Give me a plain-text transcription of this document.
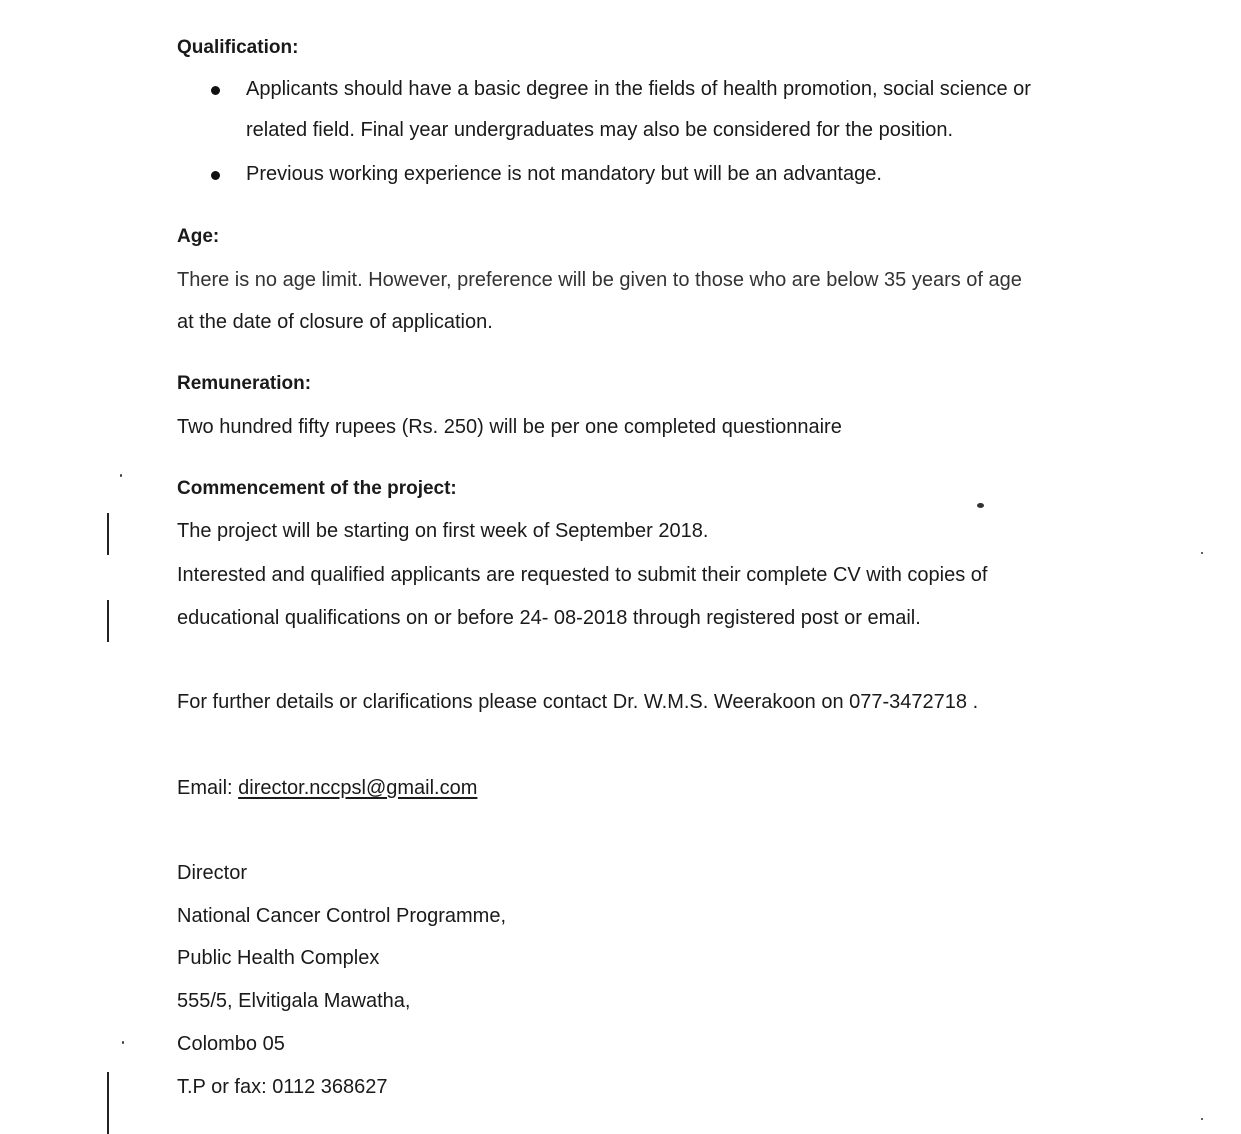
Qualification:
Applicants should have a basic degree in the fields of health promotion, social science or
related field. Final year undergraduates may also be considered for the position.
Previous working experience is not mandatory but will be an advantage.
Age:
There is no age limit. However, preference will be given to those who are below 35 years of age
at the date of closure of application.
Remuneration:
Two hundred fifty rupees (Rs. 250) will be per one completed questionnaire
Commencement of the project:
The project will be starting on first week of September 2018.
Interested and qualified applicants are requested to submit their complete CV with copies of
educational qualifications on or before 24- 08-2018 through registered post or email.
For further details or clarifications please contact Dr. W.M.S. Weerakoon on 077-3472718 .
Email: director.nccpsl@gmail.com
Director
National Cancer Control Programme,
Public Health Complex
555/5, Elvitigala Mawatha,
Colombo 05
T.P or fax: 0112 368627
